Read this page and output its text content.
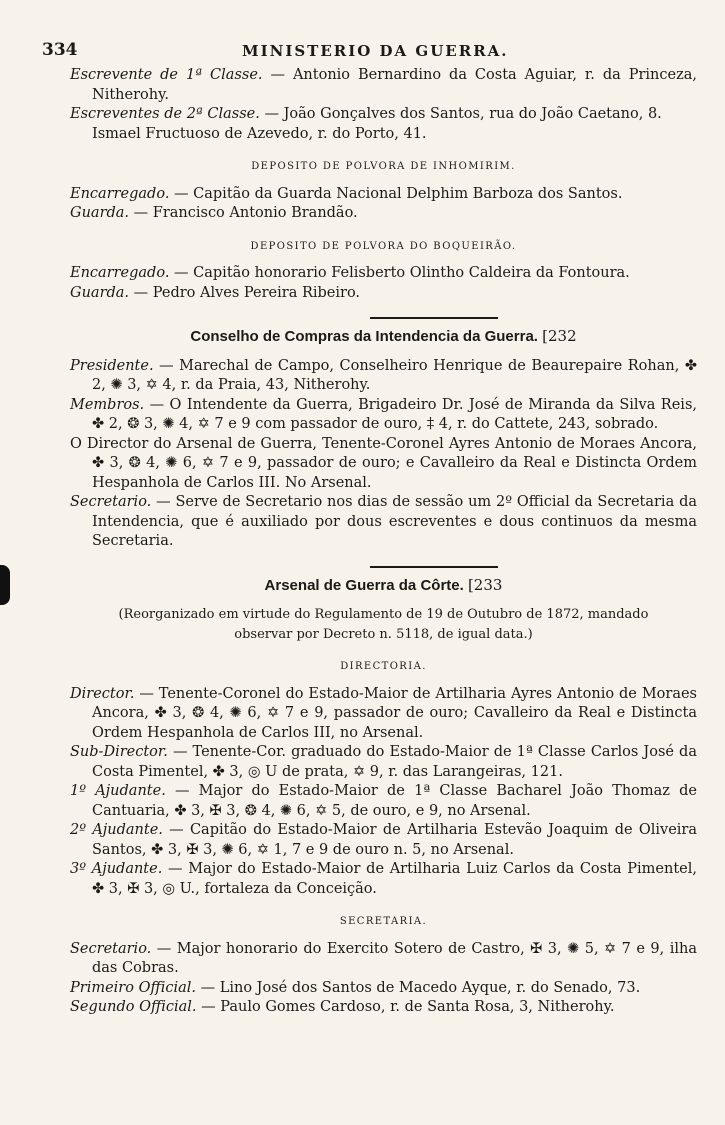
334	MINISTERIO DA GUERRA.

Escrevente de 1ª Classe. — Antonio Bernardino da Costa Aguiar, r. da Princeza, Nitherohy.

Escreventes de 2ª Classe. — João Gonçalves dos Santos, rua do João Caetano, 8.

Ismael Fructuoso de Azevedo, r. do Porto, 41.

DEPOSITO DE POLVORA DE INHOMIRIM.

Encarregado. — Capitão da Guarda Nacional Delphim Barboza dos Santos.

Guarda. — Francisco Antonio Brandão.

DEPOSITO DE POLVORA DO BOQUEIRÃO.

Encarregado. — Capitão honorario Felisberto Olintho Caldeira da Fontoura.

Guarda. — Pedro Alves Pereira Ribeiro.

Conselho de Compras da Intendencia da Guerra. [232

Presidente. — Marechal de Campo, Conselheiro Henrique de Beaurepaire Rohan, ✤ 2, ✺ 3, ✡ 4, r. da Praia, 43, Nitherohy.

Membros. — O Intendente da Guerra, Brigadeiro Dr. José de Miranda da Silva Reis, ✤ 2, ❂ 3, ✺ 4, ✡ 7 e 9 com passador de ouro, ‡ 4, r. do Cattete, 243, sobrado.

O Director do Arsenal de Guerra, Tenente-Coronel Ayres Antonio de Moraes Ancora, ✤ 3, ❂ 4, ✺ 6, ✡ 7 e 9, passador de ouro; e Cavalleiro da Real e Distincta Ordem Hespanhola de Carlos III. No Arsenal.

Secretario. — Serve de Secretario nos dias de sessão um 2º Official da Secretaria da Intendencia, que é auxiliado por dous escreventes e dous continuos da mesma Secretaria.

Arsenal de Guerra da Côrte. [233

(Reorganizado em virtude do Regulamento de 19 de Outubro de 1872, mandado observar por Decreto n. 5118, de igual data.)

DIRECTORIA.

Director. — Tenente-Coronel do Estado-Maior de Artilharia Ayres Antonio de Moraes Ancora, ✤ 3, ❂ 4, ✺ 6, ✡ 7 e 9, passador de ouro; Cavalleiro da Real e Distincta Ordem Hespanhola de Carlos III, no Arsenal.

Sub-Director. — Tenente-Cor. graduado do Estado-Maior de 1ª Classe Carlos José da Costa Pimentel, ✤ 3, ◎ U de prata, ✡ 9, r. das Larangeiras, 121.

1º Ajudante. — Major do Estado-Maior de 1ª Classe Bacharel João Thomaz de Cantuaria, ✤ 3, ✠ 3, ❂ 4, ✺ 6, ✡ 5, de ouro, e 9, no Arsenal.

2º Ajudante. — Capitão do Estado-Maior de Artilharia Estevão Joaquim de Oliveira Santos, ✤ 3, ✠ 3, ✺ 6, ✡ 1, 7 e 9 de ouro n. 5, no Arsenal.

3º Ajudante. — Major do Estado-Maior de Artilharia Luiz Carlos da Costa Pimentel, ✤ 3, ✠ 3, ◎ U., fortaleza da Conceição.

SECRETARIA.

Secretario. — Major honorario do Exercito Sotero de Castro, ✠ 3, ✺ 5, ✡ 7 e 9, ilha das Cobras.

Primeiro Official. — Lino José dos Santos de Macedo Ayque, r. do Senado, 73.

Segundo Official. — Paulo Gomes Cardoso, r. de Santa Rosa, 3, Nitherohy.
